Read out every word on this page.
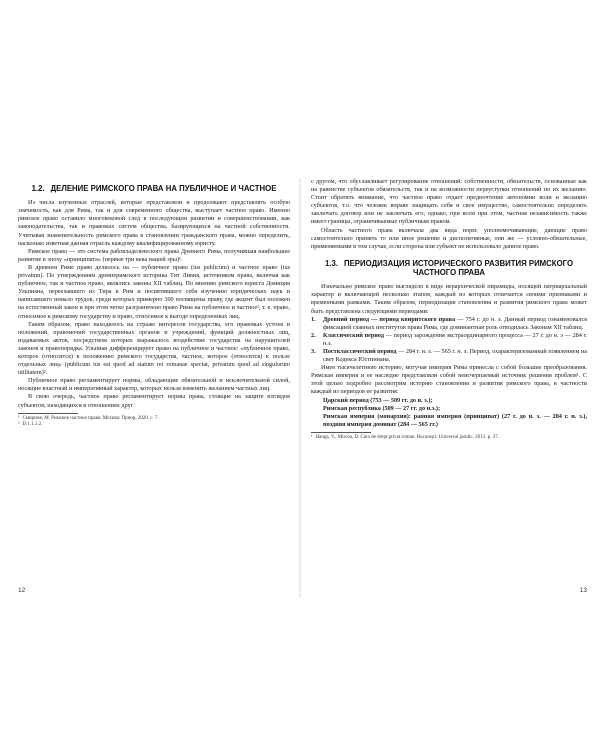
1.2. ДЕЛЕНИЕ РИМСКОГО ПРАВА НА ПУБЛИЧНОЕ И ЧАСТНОЕ

Из числа изученных отраслей, которые представляли и продолжают представлять особую значимость, как для Рима, так и для современного общества, выступает частное право. Именно римское право оставило многовековой след в последующем развитии и совершенствовании, как законодательства, так и правовых систем общества, базирующихся на частной собственности. Учитывая знаменательность римского права в становлении гражданского права, можно определить, насколько изветная данная отрасль каждому квалифицированному юристу.

Римское право — это система рабовладельческого права Древнего Рима, получившая наибольшее развитие в эпоху «принципата» (первые три века нашей эры)¹.

В древнем Риме право делилось на — публичное право (ius publicum) и частное право (ius privatum). По утверждениям древнеримского историка Тит Ливия, источником права, включая как публичное, так и частное право, являлись законы XII таблиц. По мнению римского юриста Домиция Ульпиана, переехавшего из Тира в Рим и посвятившего себя изучению юридических наук и написавшего немало трудов, среди которых примерно 300 посвящены праву, где акцент был положен на естественный закон и при этом четко разграничено право Рима на публичное и частное², т. е. право, относимое к римскому государству и право, относимое к выгоде определенных лиц.

Таким образом, право находилось на страже интересов государства, его правовых устоев и положений, правомочий государственных органов и учреждений, функций должностных лиц, издаваемых актов, посредством которых выражалось воздействие государства на нарушителей законов и правопорядка. Ульпиан дифференцирует право на публичное и частное: «публичное право, которое (относится) к положению римского государства, частное, которое (относится) к пользе отдельных лиц» (publicum ius est quod ad statum rei romanae spectat, privatum quod ad singulorum utilitatem)².

Публичное право регламентирует нормы, обладающие обязательной и исключительной силой, носящие властный и императивный характер, которых нельзя изменить желанием частных лиц.

В свою очередь, частное право регламентирует нормы права, стоящие на защите взглядов субъектов, находящихся в отношениях друг

¹ Смирнов, М. Римское частное право. Москва: Приор, 2020. с. 7.
² D.1.1.1.2.
12

с другом, что обуславливает регулирование отношений: собственности, обязательств, основанные как на равенстве субъектов обязательств, так и на возможности переуступки отношений по их желанию. Стоит обратить внимание, что частное право отдает предпочтение автономии воли и желанию субъектов, т.о. что человек вправе защищать себя и свое имущество, самостоятельно определять заключать договор или не заключать его, однако, при всем при этом, частная независимость также имеет границы, ограничиваемые публичным правом.

Область частного права включала два вида норм: уполномочивающие, дающие право самостоятельно принять то или иное решение и диспозитивные, они же — условно-обязательные, применяемыми в том случае, если сторона или субъект не использовало данное право.

1.3. ПЕРИОДИЗАЦИЯ ИСТОРИЧЕСКОГО РАЗВИТИЯ РИМСКОГО ЧАСТНОГО ПРАВА

Изначально римское право выглядело в виде иерархической пирамиды, носящей патриархальный характер и включающей несколько этапов, каждый из которых отличается своими признаками и временными рамками. Таким образом, периодизация становления и развития римского права может быть представлена следующими периодами:

1.	Древний период — период квиритского права — 754 г. до н. э. Данный период ознаменовался фиксацией главных институтов права Рима, где доминантная роль отводилась Законам XII таблиц.
2.	Классический период — период зарождения экстраординарного процесса — 27 г. до н. э — 284 г. н.э.
3.	Постклассический период — 284 г. н. э. — 565 г. н. э. Период, охарактеризованный появлением на свет Кодекса Юстиниана.

Имея тысячелетнюю историю, могучая империя Рима принесла с собой большие преобразования. Римская империя и ее наследие представляли собой неисчерпаемый источник решения проблем¹. С этой целью подробно рассмотрим историю становления и развития римского права, в частности каждый из периодов ее развития:

Царский период (753 — 509 гг. до н. э.);

Римская республика (509 — 27 гг. до н.э.);

Римская империя (монархия): ранняя империя (принципат) (27 г. до н. э. — 284 г. н. э.), поздняя империя доминат (284 — 565 гг.)

¹ Hanga, V., Mircea, D. Curs de drept privat roman. București: Universul juridic, 2013. p. 37.
13
